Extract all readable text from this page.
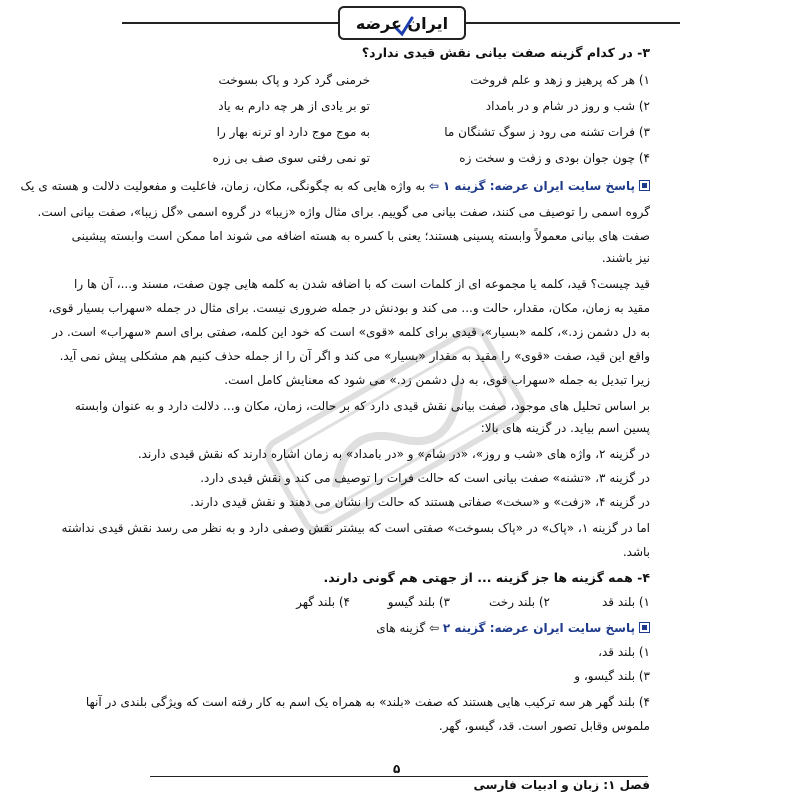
ایران عرضه
۳- در کدام گزینه صفت بیانی نقش قیدی ندارد؟
۱) هر که پرهیز و زهد و علم فروخت
خرمنی گرد کرد و پاک بسوخت
۲) شب و روز در شام و در بامداد
تو بر یادی از هر چه دارم به یاد
۳) فرات تشنه می رود ز سوگ تشنگان ما
به موج موج دارد او ترنه بهار را
۴) چون جوان بودی و زفت و سخت زه
تو نمی رفتی سوی صف بی زره
پاسخ سایت ایران عرضه: گزینه ۱ ⇦ به واژه هایی که به چگونگی، مکان، زمان، فاعلیت و مفعولیت دلالت و هسته ی یک
گروه اسمی را توصیف می کنند، صفت بیانی می گوییم. برای مثال واژه «زیبا» در گروه اسمی «گل زیبا»، صفت بیانی است.
صفت های بیانی معمولاً وابسته پسینی هستند؛ یعنی با کسره به هسته اضافه می شوند اما ممکن است وابسته پیشینی
نیز باشند.
قید چیست؟ قید، کلمه یا مجموعه ای از کلمات است که با اضافه شدن به کلمه هایی چون صفت، مسند و...، آن ها را
مقید به زمان، مکان، مقدار، حالت و... می کند و بودنش در جمله ضروری نیست. برای مثال در جمله «سهراب بسیار قوی،
به دل دشمن زد.»، کلمه «بسیار»، قیدی برای کلمه «قوی» است که خود این کلمه، صفتی برای اسم «سهراب» است. در
واقع این قید، صفت «قوی» را مقید به مقدار «بسیار» می کند و اگر آن را از جمله حذف کنیم هم مشکلی پیش نمی آید.
زیرا تبدیل به جمله «سهراب قوی، به دل دشمن زد.» می شود که معنایش کامل است.
بر اساس تحلیل های موجود، صفت بیانی نقش قیدی دارد که بر حالت، زمان، مکان و... دلالت دارد و به عنوان وابسته
پسین اسم بیاید. در گزینه های بالا:
در گزینه ۲، واژه های «شب و روز»، «در شام» و «در بامداد» به زمان اشاره دارند که نقش قیدی دارند.
در گزینه ۳، «تشنه» صفت بیانی است که حالت فرات را توصیف می کند و نقش قیدی دارد.
در گزینه ۴، «زفت» و «سخت» صفاتی هستند که حالت را نشان می دهند و نقش قیدی دارند.
اما در گزینه ۱، «پاک» در «پاک بسوخت» صفتی است که بیشتر نقش وصفی دارد و به نظر می رسد نقش قیدی نداشته
باشد.
۴- همه گزینه ها جز گزینه ... از جهتی هم گونی دارند.
۱) بلند قد
۲) بلند رخت
۳) بلند گیسو
۴) بلند گهر
پاسخ سایت ایران عرضه: گزینه ۲ ⇦ گزینه های
۱) بلند قد،
۳) بلند گیسو، و
۴) بلند گهر هر سه ترکیب هایی هستند که صفت «بلند» به همراه یک اسم به کار رفته است که ویژگی بلندی در آنها
ملموس وقابل تصور است. قد، گیسو، گهر.
۵
فصل ۱: زبان و ادبیات فارسی
